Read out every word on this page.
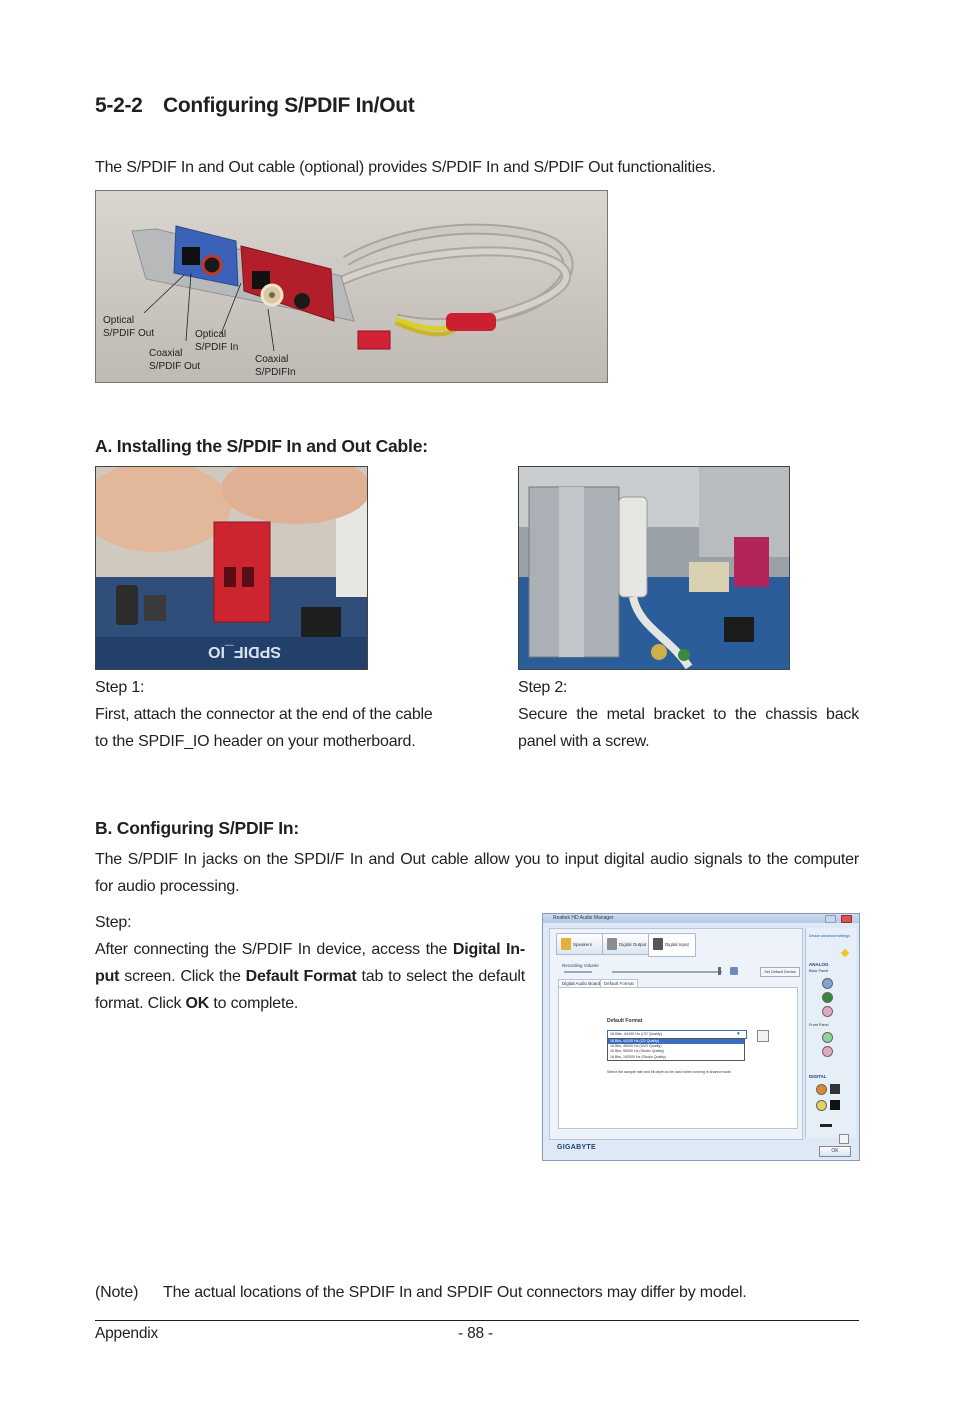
5-2-2 Configuring S/PDIF In/Out
The S/PDIF In and Out cable (optional) provides S/PDIF In and S/PDIF Out functionalities.
Optical
S/PDIF Out	Optical
S/PDIF In
Coaxial
S/PDIF Out
Coaxial
S/PDIFIn
A. Installing the S/PDIF In and Out Cable:
SPDIF_IO
Step 1:
First, attach the connector at the end of the cable
to the SPDIF_IO header on your motherboard.
Step 2:
Secure the metal bracket to the chassis back
panel with a screw.
B. Configuring S/PDIF In:
The S/PDIF In jacks on the SPDI/F In and Out cable allow you to input digital audio signals to the computer
for audio processing.
Step:
After connecting the S/PDIF In device, access the Digital In-
put screen. Click the Default Format tab to select the default
format. Click OK to complete.
Realtek HD Audio Manager
Speakers	Digital Output	Digital Input
Recording Volume
Set Default Device
Digital Audio Board Default Format
Default Format
16 Bits, 44100 Hz (CD Quality)	▾
16 Bits, 44100 Hz (CD Quality)
16 Bits, 48000 Hz (DVD Quality)
16 Bits, 96000 Hz (Studio Quality)
16 Bits, 192000 Hz (Studio Quality)
Select the sample rate and bit depth to be used when running in shared mode.
Device advanced settings
ANALOG
Back Panel
Front Panel
DIGITAL
GIGABYTE	OK
(Note) The actual locations of the SPDIF In and SPDIF Out connectors may differ by model.
Appendix	- 88 -
